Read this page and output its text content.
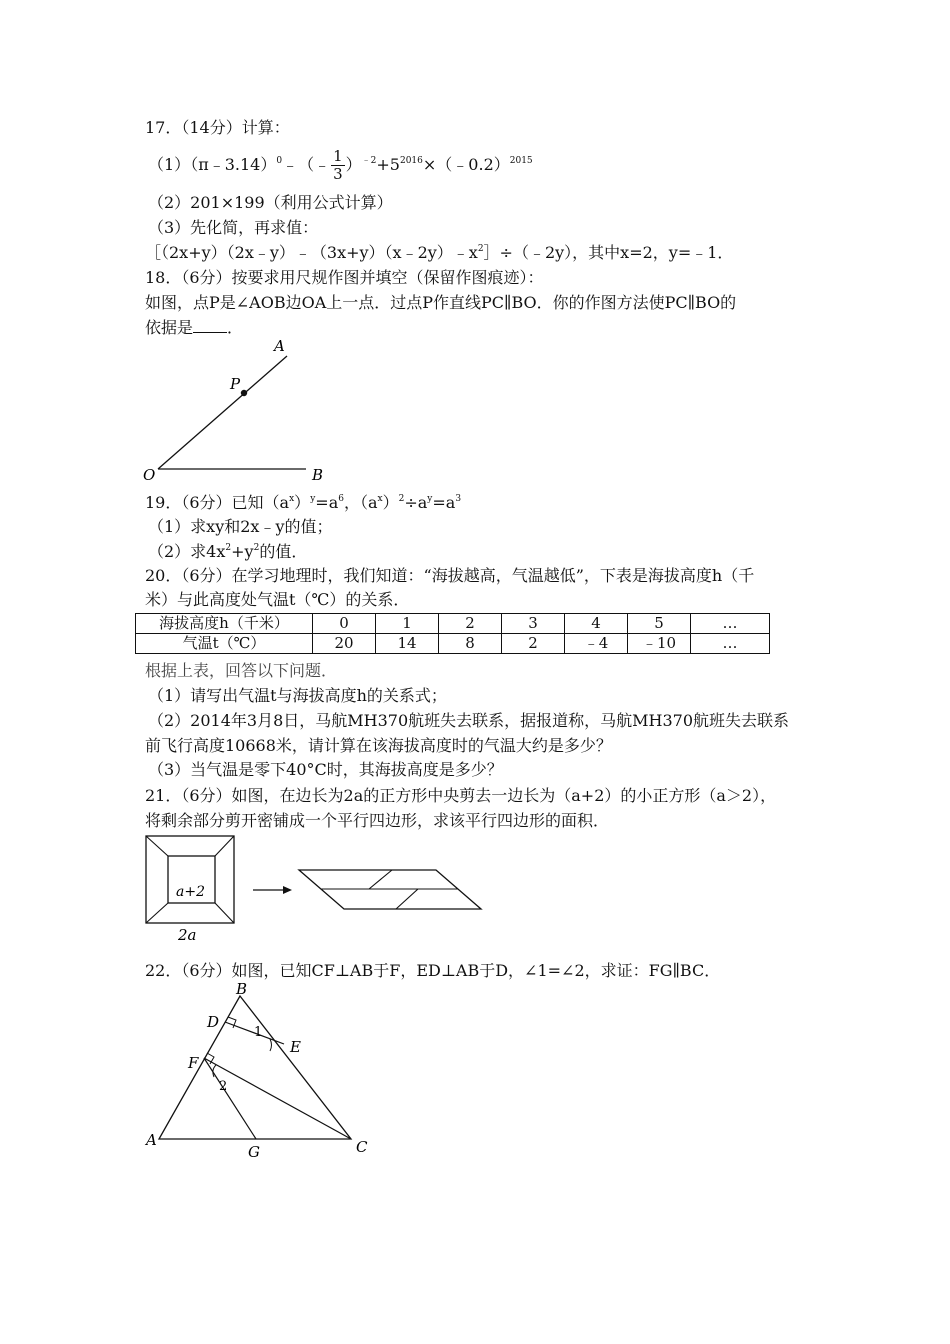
17．（14分）计算：
（1）（π﹣3.14）$^0$﹣（﹣ $\frac{1}{3}$ ）$^{﹣2}+5^{2016}\times(﹣0.2)^{2015}$
（2）201×199（利用公式计算）
（3）先化简，再求值：
$[(2x+y)(2x﹣y)﹣(3x+y)(x﹣2y)﹣x^2]\div(﹣2y)$，其中x=2，y=﹣1．
18．（6分）按要求用尺规作图并填空（保留作图痕迹）：
如图，点P是∠AOB边OA上一点．过点P作直线PC∥BO．你的作图方法使PC∥BO的
依据是 ．
A
P
O	B
19．（6分）已知$(a^x)^y=a^6$，$(a^x)^2\div a^y=a^3$
（1）求xy和2x﹣y的值；
（2）求$4x^2+y^2$的值．
20．（6分）在学习地理时，我们知道：“海拔越高，气温越低”，下表是海拔高度h（千
米）与此高度处气温t（℃）的关系．
海拔高度h（千米）	0	1	2	3	4	5	…
气温t（℃）	20	14	8	2	﹣4	﹣10	…
根据上表，回答以下问题．
（1）请写出气温t与海拔高度h的关系式；
（2）2014年3月8日，马航MH370航班失去联系，据报道称，马航MH370航班失去联系
前飞行高度10668米，请计算在该海拔高度时的气温大约是多少？
（3）当气温是零下40°C时，其海拔高度是多少？
21．（6分）如图，在边长为2a的正方形中央剪去一边长为（a+2）的小正方形（a＞2），
将剩余部分剪开密铺成一个平行四边形，求该平行四边形的面积．
a+2
2a
22．（6分）如图，已知CF⊥AB于F，ED⊥AB于D，∠1=∠2，求证：FG∥BC．
B
D
1
E
F
2
A
G	C
